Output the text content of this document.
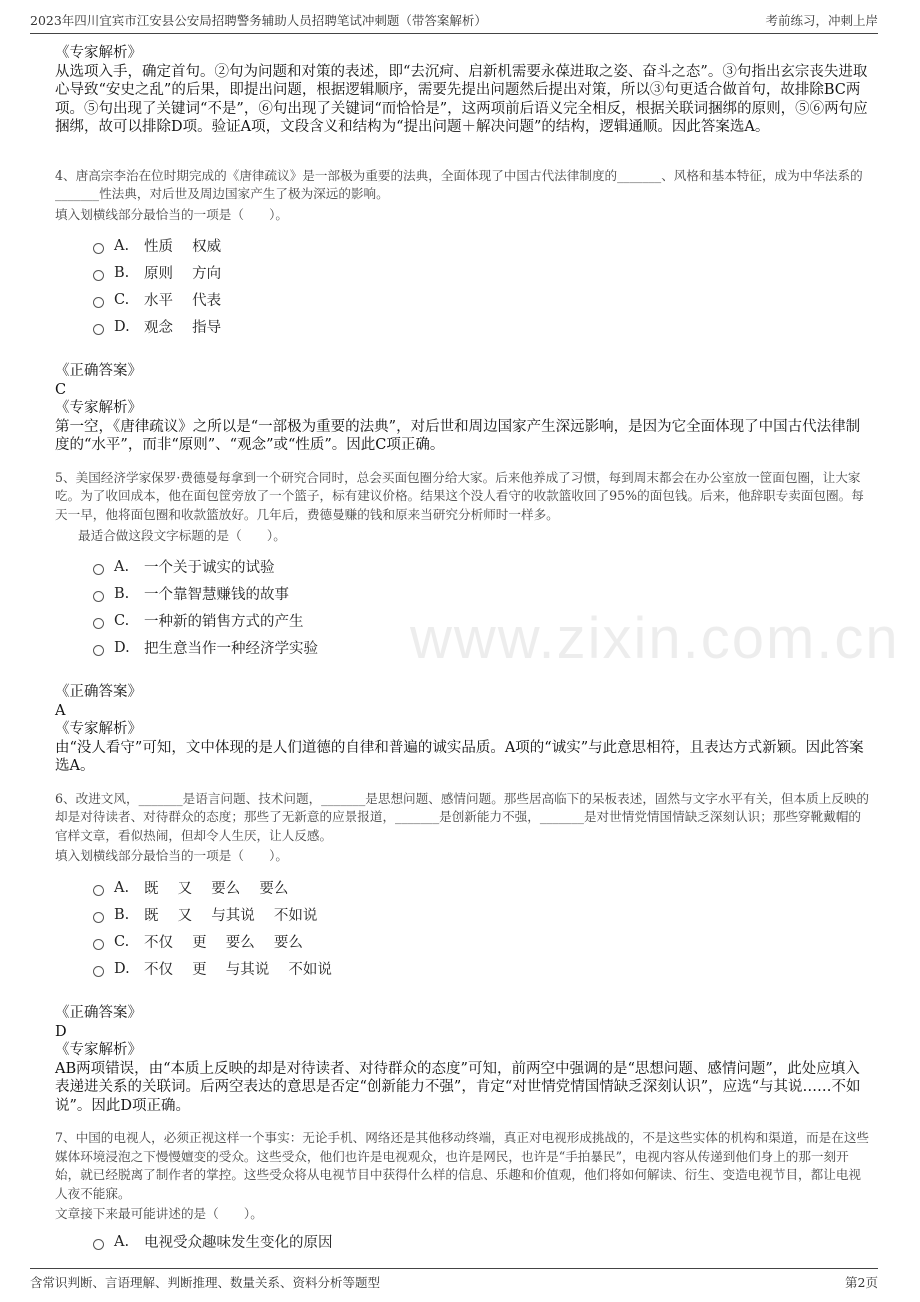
2023年四川宜宾市江安县公安局招聘警务辅助人员招聘笔试冲刺题（带答案解析）	考前练习，冲刺上岸
www.zixin.com.cn
《专家解析》
从选项入手，确定首句。②句为问题和对策的表述，即“去沉疴、启新机需要永葆进取之姿、奋斗之态”。③句指出玄宗丧失进取心导致“安史之乱”的后果，即提出问题，根据逻辑顺序，需要先提出问题然后提出对策，所以③句更适合做首句，故排除BC两项。⑤句出现了关键词“不是”，⑥句出现了关键词“而恰恰是”，这两项前后语义完全相反，根据关联词捆绑的原则，⑤⑥两句应捆绑，故可以排除D项。验证A项，文段含义和结构为“提出问题＋解决问题”的结构，逻辑通顺。因此答案选A。
4、唐高宗李治在位时期完成的《唐律疏议》是一部极为重要的法典，全面体现了中国古代法律制度的_______、风格和基本特征，成为中华法系的_______性法典，对后世及周边国家产生了极为深远的影响。
填入划横线部分最恰当的一项是（　　）。
A.	性质　 权威
B.	原则　 方向
C.	水平　 代表
D. 观念　 指导
《正确答案》
C
《专家解析》
第一空，《唐律疏议》之所以是“一部极为重要的法典”，对后世和周边国家产生深远影响，是因为它全面体现了中国古代法律制度的“水平”，而非“原则”、“观念”或“性质”。因此C项正确。
5、美国经济学家保罗·费德曼每拿到一个研究合同时，总会买面包圈分给大家。后来他养成了习惯，每到周末都会在办公室放一筐面包圈，让大家吃。为了收回成本，他在面包筐旁放了一个篮子，标有建议价格。结果这个没人看守的收款篮收回了95%的面包钱。后来，他辞职专卖面包圈。每天一早，他将面包圈和收款篮放好。几年后，费德曼赚的钱和原来当研究分析师时一样多。
最适合做这段文字标题的是（　　）。
A.	一个关于诚实的试验
B.	一个靠智慧赚钱的故事
C.	一种新的销售方式的产生
D. 把生意当作一种经济学实验
《正确答案》
A
《专家解析》
由“没人看守”可知，文中体现的是人们道德的自律和普遍的诚实品质。A项的“诚实”与此意思相符，且表达方式新颖。因此答案选A。
6、改进文风，_______是语言问题、技术问题，_______是思想问题、感情问题。那些居高临下的呆板表述，固然与文字水平有关，但本质上反映的却是对待读者、对待群众的态度；那些了无新意的应景报道，_______是创新能力不强，_______是对世情党情国情缺乏深刻认识；那些穿靴戴帽的官样文章，看似热闹，但却令人生厌，让人反感。
填入划横线部分最恰当的一项是（　　）。
A.	既　 又　 要么　 要么
B.	既　 又　 与其说　 不如说
C.	不仅　 更　 要么　 要么
D. 不仅　 更　 与其说　 不如说
《正确答案》
D
《专家解析》
AB两项错误，由“本质上反映的却是对待读者、对待群众的态度”可知，前两空中强调的是“思想问题、感情问题”，此处应填入表递进关系的关联词。后两空表达的意思是否定“创新能力不强”，肯定“对世情党情国情缺乏深刻认识”，应选“与其说……不如说”。因此D项正确。
7、中国的电视人，必须正视这样一个事实：无论手机、网络还是其他移动终端，真正对电视形成挑战的，不是这些实体的机构和渠道，而是在这些媒体环境浸泡之下慢慢嬗变的受众。这些受众，他们也许是电视观众，也许是网民，也许是“手拍暴民”，电视内容从传递到他们身上的那一刻开始，就已经脱离了制作者的掌控。这些受众将从电视节目中获得什么样的信息、乐趣和价值观，他们将如何解读、衍生、变造电视节目，都让电视人夜不能寐。
文章接下来最可能讲述的是（　　）。
A.	电视受众趣味发生变化的原因
含常识判断、言语理解、判断推理、数量关系、资料分析等题型	第2页
